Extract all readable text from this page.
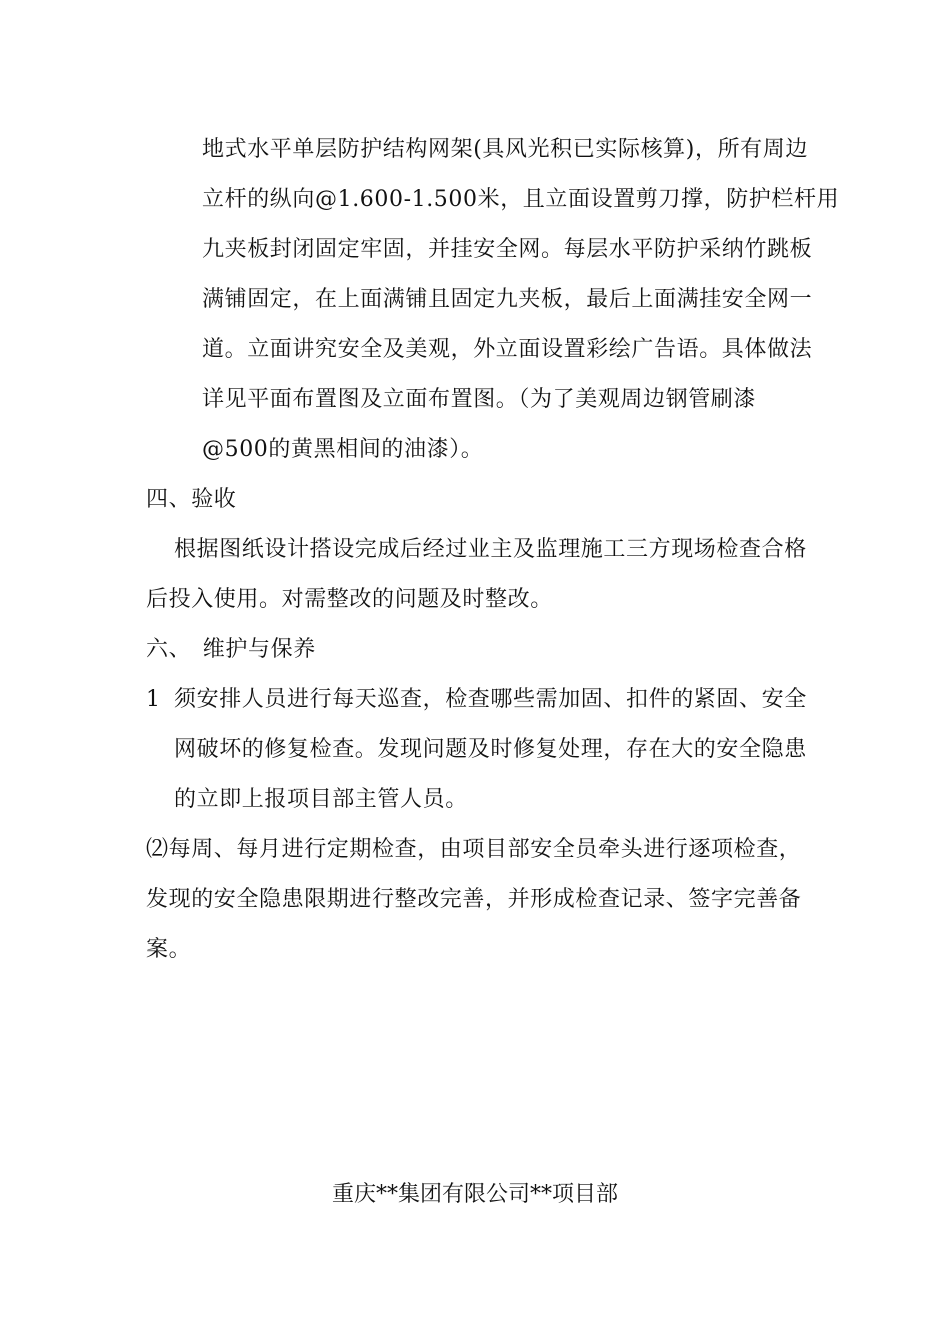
地式水平单层防护结构网架(具风光积已实际核算)，所有周边
立杆的纵向@1.600-1.500米，且立面设置剪刀撑，防护栏杆用
九夹板封闭固定牢固，并挂安全网。每层水平防护采纳竹跳板
满铺固定，在上面满铺且固定九夹板，最后上面满挂安全网一
道。立面讲究安全及美观，外立面设置彩绘广告语。具体做法
详见平面布置图及立面布置图。（为了美观周边钢管刷漆
@500的黄黑相间的油漆）。
四、验收
根据图纸设计搭设完成后经过业主及监理施工三方现场检查合格
后投入使用。对需整改的问题及时整改。
六、　维护与保养
1 须安排人员进行每天巡查，检查哪些需加固、扣件的紧固、安全
网破坏的修复检查。发现问题及时修复处理，存在大的安全隐患
的立即上报项目部主管人员。
⑵每周、每月进行定期检查，由项目部安全员牵头进行逐项检查，
发现的安全隐患限期进行整改完善，并形成检查记录、签字完善备
案。
重庆**集团有限公司**项目部
